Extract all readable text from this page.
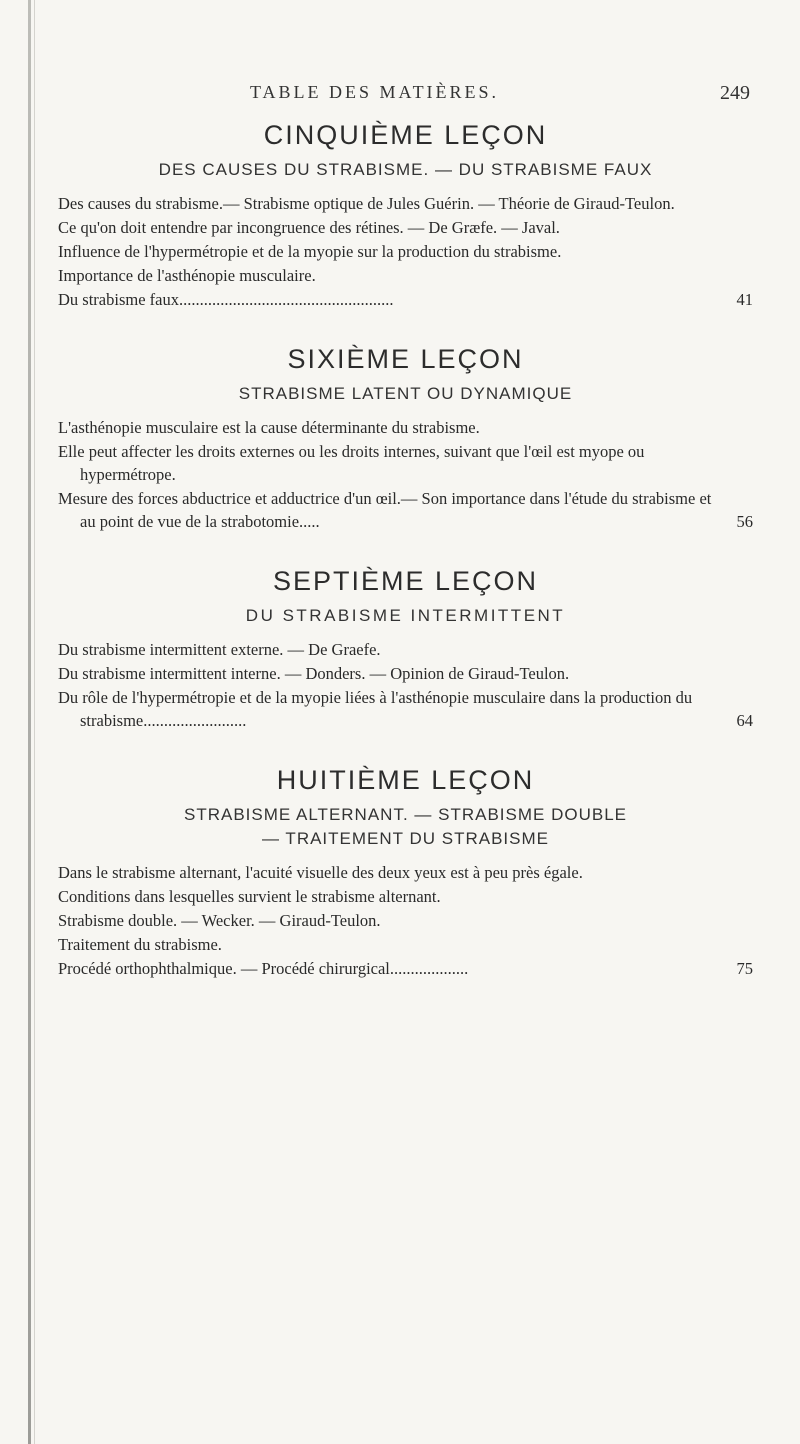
TABLE DES MATIÈRES.	249
CINQUIÈME LEÇON
DES CAUSES DU STRABISME. — DU STRABISME FAUX
Des causes du strabisme.— Strabisme optique de Jules Guérin. — Théorie de Giraud-Teulon.
Ce qu'on doit entendre par incongruence des rétines. — De Græfe. — Javal.
Influence de l'hypermétropie et de la myopie sur la production du strabisme.
Importance de l'asthénopie musculaire.
Du strabisme faux....................................................	41
SIXIÈME LEÇON
STRABISME LATENT OU DYNAMIQUE
L'asthénopie musculaire est la cause déterminante du strabisme.
Elle peut affecter les droits externes ou les droits internes, suivant que l'œil est myope ou hypermétrope.
Mesure des forces abductrice et adductrice d'un œil.— Son importance dans l'étude du strabisme et au point de vue de la strabotomie.....	56
SEPTIÈME LEÇON
DU STRABISME INTERMITTENT
Du strabisme intermittent externe. — De Graefe.
Du strabisme intermittent interne. — Donders. — Opinion de Giraud-Teulon.
Du rôle de l'hypermétropie et de la myopie liées à l'asthénopie musculaire dans la production du strabisme.........................	64
HUITIÈME LEÇON
STRABISME ALTERNANT. — STRABISME DOUBLE
— TRAITEMENT DU STRABISME
Dans le strabisme alternant, l'acuité visuelle des deux yeux est à peu près égale.
Conditions dans lesquelles survient le strabisme alternant.
Strabisme double. — Wecker. — Giraud-Teulon.
Traitement du strabisme.
Procédé orthophthalmique. — Procédé chirurgical...................	75
